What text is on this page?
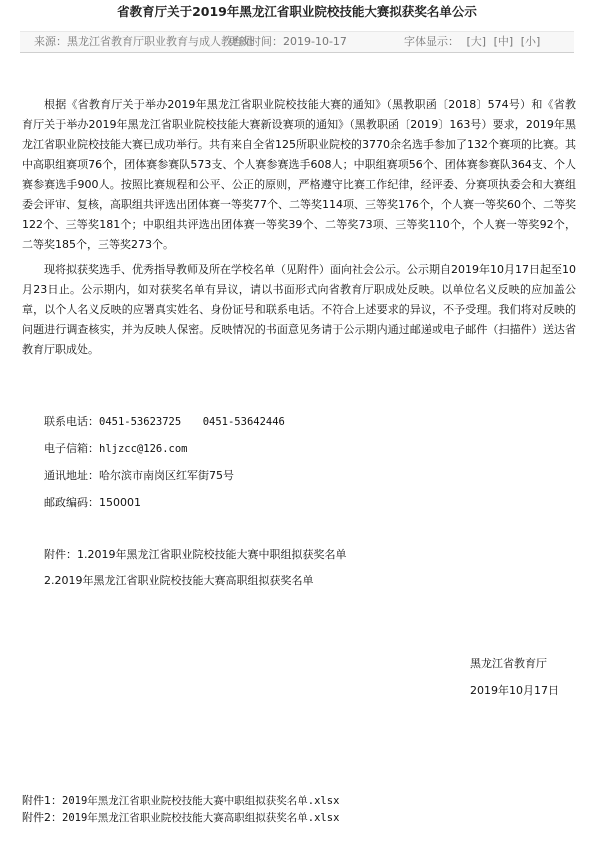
省教育厅关于2019年黑龙江省职业院校技能大赛拟获奖名单公示
来源：黑龙江省教育厅职业教育与成人教育处
更新时间：2019-10-17	字体显示： [大] [中] [小]

根据《省教育厅关于举办2019年黑龙江省职业院校技能大赛的通知》（黑教职函〔2018〕574号）和《省教育厅关于举办2019年黑龙江省职业院校技能大赛新设赛项的通知》（黑教职函〔2019〕163号）要求，2019年黑龙江省职业院校技能大赛已成功举行。共有来自全省125所职业院校的3770余名选手参加了132个赛项的比赛。其中高职组赛项76个，团体赛参赛队573支、个人赛参赛选手608人；中职组赛项56个、团体赛参赛队364支、个人赛参赛选手900人。按照比赛规程和公平、公正的原则，严格遵守比赛工作纪律，经评委、分赛项执委会和大赛组委会评审、复核，高职组共评选出团体赛一等奖77个、二等奖114项、三等奖176个，个人赛一等奖60个、二等奖122个、三等奖181个；中职组共评选出团体赛一等奖39个、二等奖73项、三等奖110个，个人赛一等奖92个，二等奖185个，三等奖273个。

现将拟获奖选手、优秀指导教师及所在学校名单（见附件）面向社会公示。公示期自2019年10月17日起至10月23日止。公示期内，如对获奖名单有异议，请以书面形式向省教育厅职成处反映。以单位名义反映的应加盖公章，以个人名义反映的应署真实姓名、身份证号和联系电话。不符合上述要求的异议，不予受理。我们将对反映的问题进行调查核实，并为反映人保密。反映情况的书面意见务请于公示期内通过邮递或电子邮件（扫描件）送达省教育厅职成处。

联系电话：0451-53623725 0451-53642446
电子信箱：hljzcc@126.com
通讯地址：哈尔滨市南岗区红军街75号
邮政编码：150001
附件：1.2019年黑龙江省职业院校技能大赛中职组拟获奖名单
2.2019年黑龙江省职业院校技能大赛高职组拟获奖名单
黑龙江省教育厅
2019年10月17日
附件1：2019年黑龙江省职业院校技能大赛中职组拟获奖名单.xlsx
附件2：2019年黑龙江省职业院校技能大赛高职组拟获奖名单.xlsx
